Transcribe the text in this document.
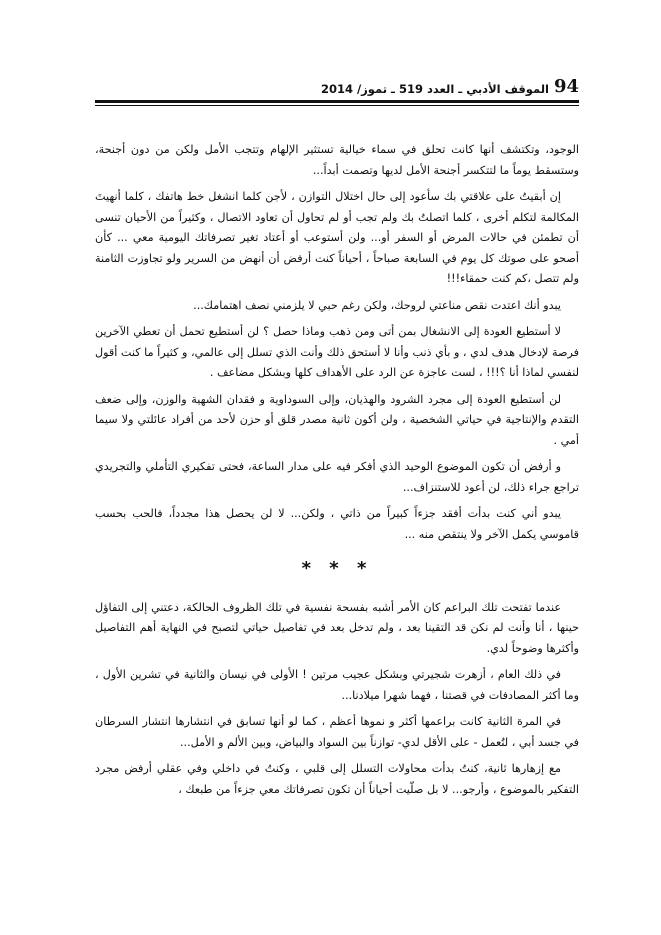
الموقف الأدبي ـ العدد 519 ـ تموز/ 2014 94

الوجود، وتكتشف أنها كانت تحلق في سماء خيالية تستثير الإلهام وتتجب الأمل ولكن من دون أجنحة، وستسقط يوماً ما لتتكسر أجنحة الأمل لديها وتصمت أبداً...

إن أبقيتُ على علاقتي بك سأعود إلى حال اختلال التوازن ، لأجن كلما انشغل خط هاتفك ، كلما أنهيتَ المكالمة لتكلم أخرى ، كلما اتصلتُ بك ولم تجب أو لم تحاول أن تعاود الاتصال ، وكثيراً من الأحيان تنسى أن تطمئن في حالات المرض أو السفر أو... ولن أستوعب أو أعتاد تغير تصرفاتك اليومية معي ... كأن أصحو على صوتك كل يوم في السابعة صباحاً ، أحياناً كنت أرفض أن أنهض من السرير ولو تجاوزت الثامنة ولم تتصل ،كم كنت حمقاء!!!

يبدو أنك اعتدت نقص مناعتي لروحك، ولكن رغم حبي لا يلزمني نصف اهتمامك...

لا أستطيع العودة إلى الانشغال بمن أتى ومن ذهب وماذا حصل ؟ لن أستطيع تحمل أن تعطي الآخرين فرصة لإدخال هدف لدي ، و بأي ذنب وأنا لا أستحق ذلك وأنت الذي تسلل إلى عالمي، و كثيراً ما كنت أقول لنفسي لماذا أنا ؟!!! ، لست عاجزة عن الرد على الأهداف كلها وبشكل مضاعف .

لن أستطيع العودة إلى مجرد الشرود والهذيان، وإلى السوداوية و فقدان الشهية والوزن، وإلى ضعف التقدم والإنتاجية في حياتي الشخصية ، ولن أكون ثانية مصدر قلق أو حزن لأحد من أفراد عائلتي ولا سيما أمي .

و أرفض أن تكون الموضوع الوحيد الذي أفكر فيه على مدار الساعة، فحتى تفكيري التأملي والتجريدي تراجع جراء ذلك، لن أعود للاستنزاف...

يبدو أني كنت بدأت أفقد جزءاً كبيراً من ذاتي ، ولكن... لا لن يحصل هذا مجدداً، فالحب بحسب قاموسي يكمل الآخر ولا ينتقص منه ...

* * *

عندما تفتحت تلك البراعم كان الأمر أشبه بفسحة نفسية في تلك الظروف الحالكة، دعتني إلى التفاؤل حينها ، أنا وأنت لم نكن قد التقينا بعد ، ولم تدخل بعد في تفاصيل حياتي لتصبح في النهاية أهم التفاصيل وأكثرها وضوحاً لدي.

في ذلك العام ، أزهرت شجيرتي وبشكل عجيب مرتين ! الأولى في نيسان والثانية في تشرين الأول ، وما أكثر المصادفات في قصتنا ، فهما شهرا ميلادنا...

في المرة الثانية كانت براعمها أكثر و نموها أعظم ، كما لو أنها تسابق في انتشارها انتشار السرطان في جسد أبي ، لتُعمل - على الأقل لدي- توازناً بين السواد والبياض، وبين الألم و الأمل...

مع إزهارها ثانية، كنتُ بدأت محاولات التسلل إلى قلبي ، وكنتُ في داخلي وفي عقلي أرفض مجرد التفكير بالموضوع ، وأرجو... لا بل صلّيت أحياناً أن تكون تصرفاتك معي جزءاً من طبعك ،
